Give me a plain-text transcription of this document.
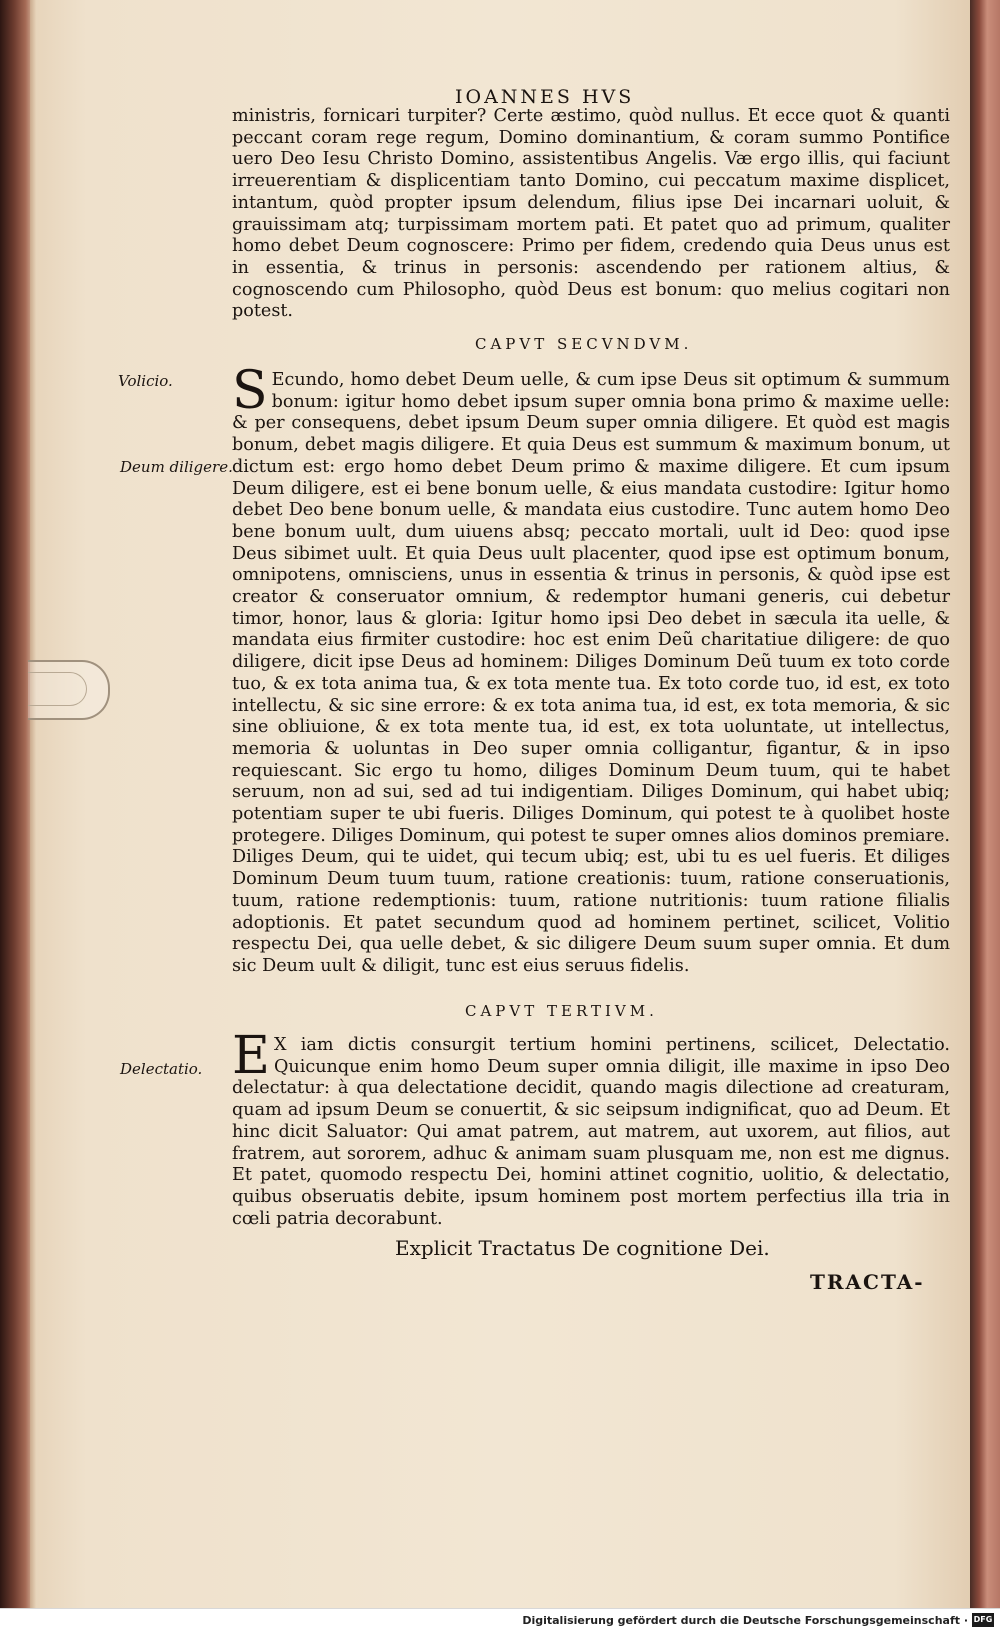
IOANNES HVS

ministris, fornicari turpiter? Certe æstimo, quòd nullus. Et ecce quot & quanti peccant coram rege regum, Domino dominantium, & coram summo Pontifice uero Deo Iesu Christo Domino, assistentibus Angelis. Væ ergo illis, qui faciunt irreuerentiam & displicentiam tanto Domino, cui peccatum maxime displicet, intantum, quòd propter ipsum delendum, filius ipse Dei incarnari uoluit, & grauissimam atq; turpissimam mortem pati. Et patet quo ad primum, qualiter homo debet Deum cognoscere: Primo per fidem, credendo quia Deus unus est in essentia, & trinus in personis: ascendendo per rationem altius, & cognoscendo cum Philosopho, quòd Deus est bonum: quo melius cogitari non potest.

CAPVT SECVNDVM.
Volicio.
Deum diligere.

SEcundo, homo debet Deum uelle, & cum ipse Deus sit optimum & summum bonum: igitur homo debet ipsum super omnia bona primo & maxime uelle: & per consequens, debet ipsum Deum super omnia diligere. Et quòd est magis bonum, debet magis diligere. Et quia Deus est summum & maximum bonum, ut dictum est: ergo homo debet Deum primo & maxime diligere. Et cum ipsum Deum diligere, est ei bene bonum uelle, & eius mandata custodire: Igitur homo debet Deo bene bonum uelle, & mandata eius custodire. Tunc autem homo Deo bene bonum uult, dum uiuens absq; peccato mortali, uult id Deo: quod ipse Deus sibimet uult. Et quia Deus uult placenter, quod ipse est optimum bonum, omnipotens, omnisciens, unus in essentia & trinus in personis, & quòd ipse est creator & conseruator omnium, & redemptor humani generis, cui debetur timor, honor, laus & gloria: Igitur homo ipsi Deo debet in sæcula ita uelle, & mandata eius firmiter custodire: hoc est enim Deũ charitatiue diligere: de quo diligere, dicit ipse Deus ad hominem: Diliges Dominum Deũ tuum ex toto corde tuo, & ex tota anima tua, & ex tota mente tua. Ex toto corde tuo, id est, ex toto intellectu, & sic sine errore: & ex tota anima tua, id est, ex tota memoria, & sic sine obliuione, & ex tota mente tua, id est, ex tota uoluntate, ut intellectus, memoria & uoluntas in Deo super omnia colligantur, figantur, & in ipso requiescant. Sic ergo tu homo, diliges Dominum Deum tuum, qui te habet seruum, non ad sui, sed ad tui indigentiam. Diliges Dominum, qui habet ubiq; potentiam super te ubi fueris. Diliges Dominum, qui potest te à quolibet hoste protegere. Diliges Dominum, qui potest te super omnes alios dominos premiare. Diliges Deum, qui te uidet, qui tecum ubiq; est, ubi tu es uel fueris. Et diliges Dominum Deum tuum tuum, ratione creationis: tuum, ratione conseruationis, tuum, ratione redemptionis: tuum, ratione nutritionis: tuum ratione filialis adoptionis. Et patet secundum quod ad hominem pertinet, scilicet, Volitio respectu Dei, qua uelle debet, & sic diligere Deum suum super omnia. Et dum sic Deum uult & diligit, tunc est eius seruus fidelis.

CAPVT TERTIVM.
Delectatio. EX iam dictis consurgit tertium homini pertinens, scilicet, Delectatio. Quicunque enim homo Deum super omnia diligit, ille maxime in ipso Deo delectatur: à qua delectatione decidit, quando magis dilectione ad creaturam, quam ad ipsum Deum se conuertit, & sic seipsum indignificat, quo ad Deum. Et hinc dicit Saluator: Qui amat patrem, aut matrem, aut uxorem, aut filios, aut fratrem, aut sororem, adhuc & animam suam plusquam me, non est me dignus. Et patet, quomodo respectu Dei, homini attinet cognitio, uolitio, & delectatio, quibus obseruatis debite, ipsum hominem post mortem perfectius illa tria in cœli patria decorabunt.

Explicit Tractatus De cognitione Dei.
TRACTA-
Digitalisierung gefördert durch die Deutsche Forschungsgemeinschaft · DFG
